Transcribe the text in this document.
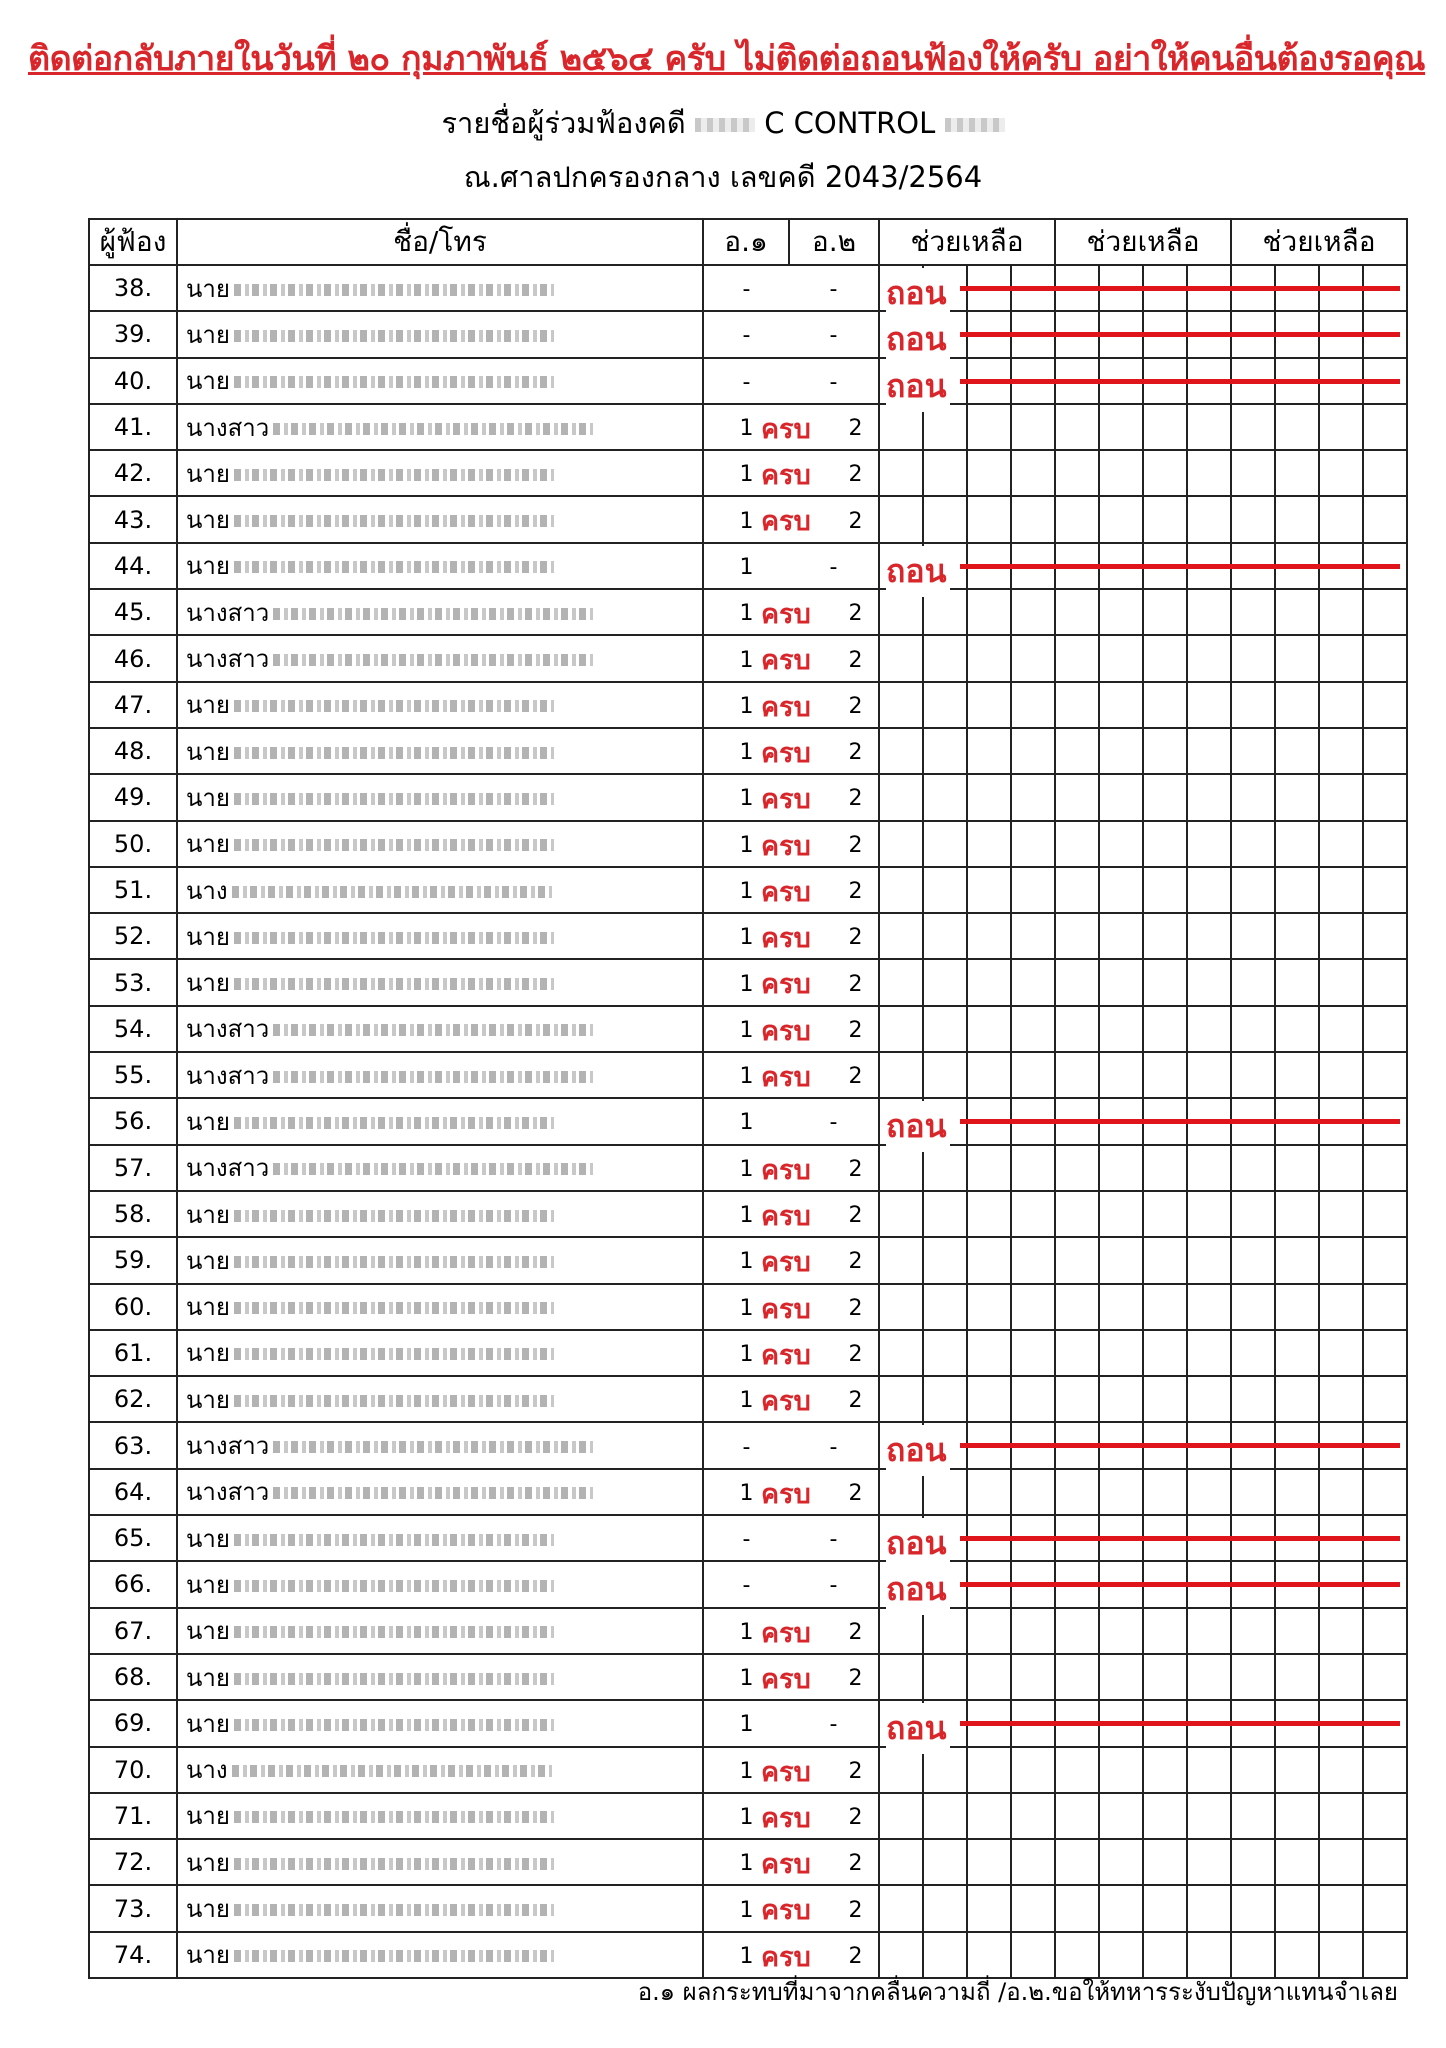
ติดต่อกลับภายในวันที่ ๒๐ กุมภาพันธ์ ๒๕๖๔ ครับ ไม่ติดต่อถอนฟ้องให้ครับ อย่าให้คนอื่นต้องรอคุณ
รายชื่อผู้ร่วมฟ้องคดี	C CONTROL
ณ.ศาลปกครองกลาง เลขคดี 2043/2564
ผู้ฟ้อง	ชื่อ/โทร	อ.๑	อ.๒	ช่วยเหลือ				ช่วยเหลือ				ช่วยเหลือ			
38.	นาย	-	-	ถอน											

39.	นาย	-	-	ถอน											

40.	นาย	-	-	ถอน											

41.	นางสาว	1	ครบ 2												
42.	นาย	1	ครบ 2												
43.	นาย	1	ครบ 2												
44.	นาย	1	-	ถอน											

45.	นางสาว	1	ครบ 2												
46.	นางสาว	1	ครบ 2												
47.	นาย	1	ครบ 2												
48.	นาย	1	ครบ 2												
49.	นาย	1	ครบ 2												
50.	นาย	1	ครบ 2												
51.	นาง	1	ครบ 2												
52.	นาย	1	ครบ 2												
53.	นาย	1	ครบ 2												
54.	นางสาว	1	ครบ 2												
55.	นางสาว	1	ครบ 2												
56.	นาย	1	-	ถอน											

57.	นางสาว	1	ครบ 2												
58.	นาย	1	ครบ 2												
59.	นาย	1	ครบ 2												
60.	นาย	1	ครบ 2												
61.	นาย	1	ครบ 2												
62.	นาย	1	ครบ 2												
63.	นางสาว	-	-	ถอน											

64.	นางสาว	1	ครบ 2												
65.	นาย	-	-	ถอน											

66.	นาย	-	-	ถอน											

67.	นาย	1	ครบ 2												
68.	นาย	1	ครบ 2												
69.	นาย	1	-	ถอน											

70.	นาง	1	ครบ 2												
71.	นาย	1	ครบ 2												
72.	นาย	1	ครบ 2												
73.	นาย	1	ครบ 2												
74.	นาย	1	ครบ 2												
อ.๑ ผลกระทบที่มาจากคลื่นความถี่ /อ.๒.ขอให้ทหารระงับปัญหาแทนจำเลย
